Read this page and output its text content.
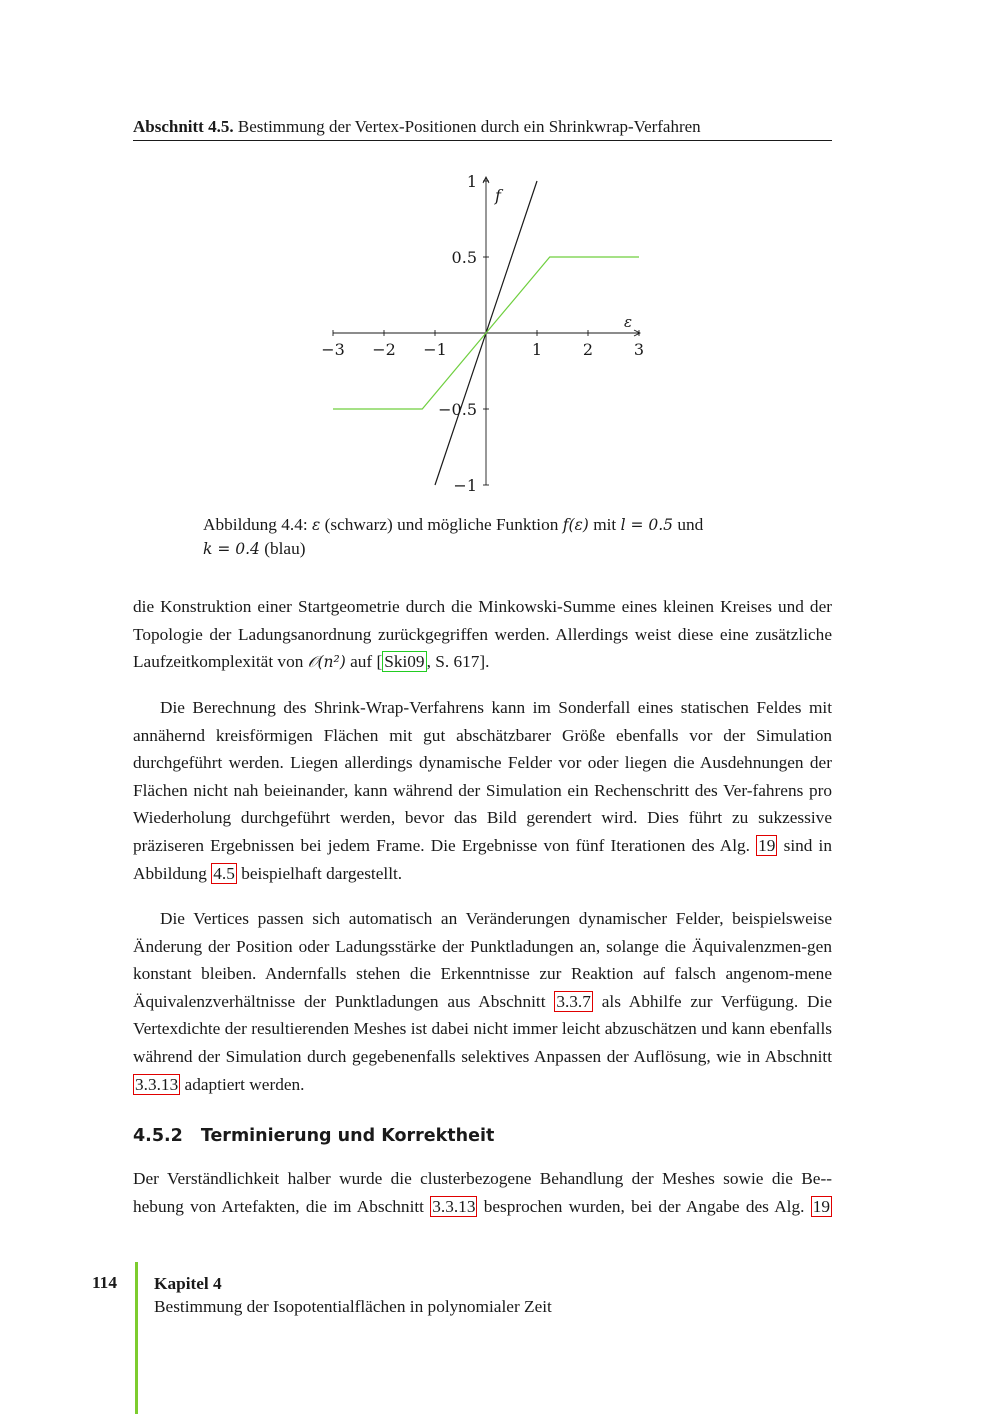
Abschnitt 4.5. Bestimmung der Vertex-Positionen durch ein Shrinkwrap-Verfahren
−3 −2 −1	1	2	3
1
0.5
−0.5
−1
ε
f
Abbildung 4.4: ε (schwarz) und mögliche Funktion f(ε) mit l = 0.5 und
k = 0.4 (blau)
die Konstruktion einer Startgeometrie durch die Minkowski-Summe eines kleinen Kreises und der Topologie der Ladungsanordnung zurückgegriffen werden. Allerdings weist diese eine zusätzliche Laufzeitkomplexität von 𝒪(n²) auf [ Ski09 , S. 617].
Die Berechnung des Shrink-Wrap-Verfahrens kann im Sonderfall eines statischen Feldes mit annähernd kreisförmigen Flächen mit gut abschätzbarer Größe ebenfalls vor der Simulation durchgeführt werden. Liegen allerdings dynamische Felder vor oder liegen die Ausdehnungen der Flächen nicht nah beieinander, kann während der Simulation ein Rechenschritt des Ver-fahrens pro Wiederholung durchgeführt werden, bevor das Bild gerendert wird. Dies führt zu sukzessive präziseren Ergebnissen bei jedem Frame. Die Ergebnisse von fünf Iterationen des Alg. 19 sind in Abbildung 4.5 beispielhaft dargestellt.
Die Vertices passen sich automatisch an Veränderungen dynamischer Felder, beispielsweise Änderung der Position oder Ladungsstärke der Punktladungen an, solange die Äquivalenzmen-gen konstant bleiben. Andernfalls stehen die Erkenntnisse zur Reaktion auf falsch angenom-mene Äquivalenzverhältnisse der Punktladungen aus Abschnitt 3.3.7 als Abhilfe zur Verfügung. Die Vertexdichte der resultierenden Meshes ist dabei nicht immer leicht abzuschätzen und kann ebenfalls während der Simulation durch gegebenenfalls selektives Anpassen der Auflösung, wie in Abschnitt 3.3.13 adaptiert werden.
4.5.2 Terminierung und Korrektheit
Der Verständlichkeit halber wurde die clusterbezogene Behandlung der Meshes sowie die Be-hebung von Artefakten, die im Abschnitt 3.3.13 besprochen wurden, bei der Angabe des Alg. 19
114 Kapitel 4
Bestimmung der Isopotentialflächen in polynomialer Zeit
